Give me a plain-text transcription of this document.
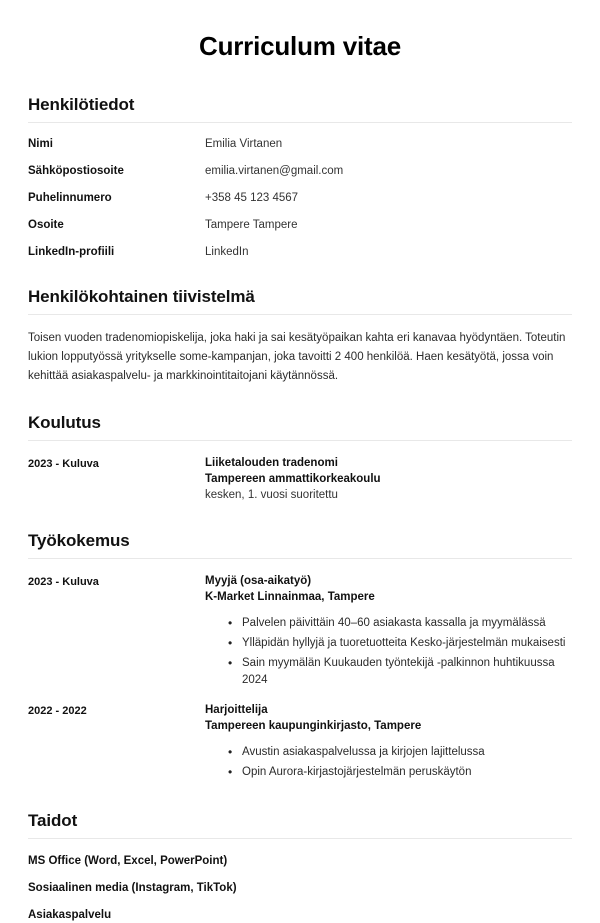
Curriculum vitae
Henkilötiedot
Nimi	Emilia Virtanen
Sähköpostiosoite	emilia.virtanen@gmail.com
Puhelinnumero	+358 45 123 4567
Osoite	Tampere Tampere
LinkedIn-profiili	LinkedIn
Henkilökohtainen tiivistelmä

Toisen vuoden tradenomiopiskelija, joka haki ja sai kesätyöpaikan kahta eri kanavaa hyödyntäen. Toteutin lukion lopputyössä yritykselle some-kampanjan, joka tavoitti 2 400 henkilöä. Haen kesätyötä, jossa voin kehittää asiakaspalvelu- ja markkinointitaitojani käytännössä.

Koulutus
2023 - Kuluva	Liiketalouden tradenomi
Tampereen ammattikorkeakoulu
kesken, 1. vuosi suoritettu
Työkokemus
2023 - Kuluva	Myyjä (osa-aikatyö)
K-Market Linnainmaa, Tampere
• Palvelen päivittäin 40–60 asiakasta kassalla ja myymälässä
• Ylläpidän hyllyjä ja tuoretuotteita Kesko-järjestelmän mukaisesti
• Sain myymälän Kuukauden työntekijä -palkinnon huhtikuussa 2024
2022 - 2022	Harjoittelija
Tampereen kaupunginkirjasto, Tampere
• Avustin asiakaspalvelussa ja kirjojen lajittelussa
• Opin Aurora-kirjastojärjestelmän peruskäytön
Taidot
MS Office (Word, Excel, PowerPoint)
Sosiaalinen media (Instagram, TikTok)
Asiakaspalvelu
